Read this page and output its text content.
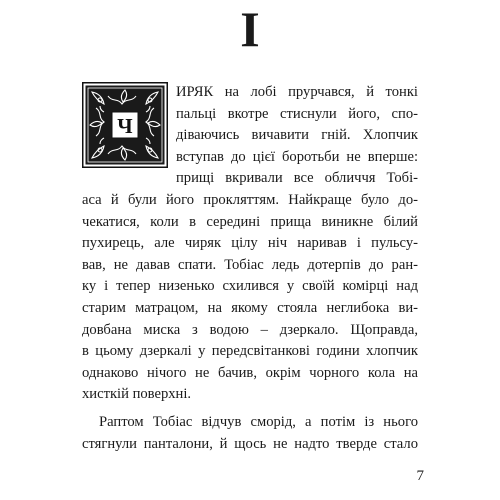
I
Ч
ИРЯК на лобі прурчався, й тонкі
пальці вкотре стиснули його, спо-
діваючись вичавити гній. Хлопчик
вступав до цієї боротьби не вперше:
прищі вкривали все обличчя Тобі-
аса й були його прокляттям. Найкраще було до-
чекатися, коли в середині прища виникне білий
пухирець, але чиряк цілу ніч наривав і пульсу-
вав, не давав спати. Тобіас ледь дотерпів до ран-
ку і тепер низенько схилився у своїй комірці над
старим матрацом, на якому стояла неглибока ви-
довбана миска з водою – дзеркало. Щоправда,
в цьому дзеркалі у передсвітанкові години хлопчик
однаково нічого не бачив, окрім чорного кола на
хисткій поверхні.
Раптом Тобіас відчув сморід, а потім із нього
стягнули панталони, й щось не надто тверде стало
7
